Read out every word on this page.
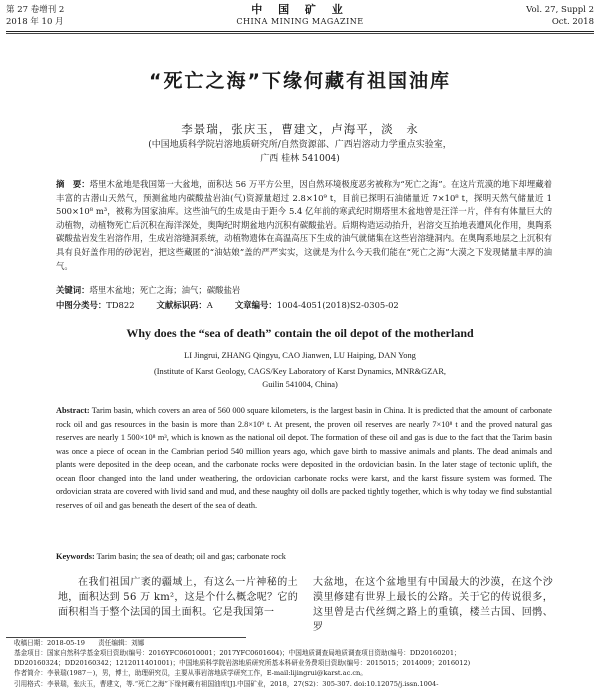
第 27 卷增刊 2
2018 年 10 月
中 国 矿 业
CHINA MINING MAGAZINE
Vol. 27, Suppl 2
Oct. 2018
“死亡之海”下缘何藏有祖国油库
李景瑞，张庆玉，曹建文，卢海平，淡　永
(中国地质科学院岩溶地质研究所/自然资源部、广西岩溶动力学重点实验室，
广西 桂林 541004)
摘　要：塔里木盆地是我国第一大盆地，面积达 56 万平方公里，因自然环境极度恶劣被称为“死亡之海”。在这片荒漠的地下却埋藏着丰富的古潜山天然气，预测盆地内碳酸盐岩油(气)资源量超过 2.8×10⁹ t，目前已探明石油储量近 7×10⁸ t，探明天然气储量近 1 500×10⁸ m³，被称为国家油库。这些油气的生成是由于距今 5.4 亿年前的寒武纪时期塔里木盆地曾是汪洋一片，伴有有体量巨大的动植物，动植物死亡后沉积在海洋深处，奥陶纪时期盆地内沉积有碳酸盐岩。后期构造运动抬升，岩溶交互抬地表遭风化作用，奥陶系碳酸盐岩发生岩溶作用，生成岩溶缝洞系统，动植物遗体在高温高压下生成的油气就储集在这些岩溶缝洞内。在奥陶系地层之上沉积有具有良好盖作用的砂泥岩，把这些藏匿的“油姑娘”盖的严严实实，这就是为什么今天我们能在“死亡之海”大漠之下发现储量丰厚的油气。
关键词：塔里木盆地；死亡之海；油气；碳酸盐岩
中图分类号：TD822	文献标识码：A	文章编号：1004-4051(2018)S2-0305-02
Why does the “sea of death” contain the oil depot of the motherland
LI Jingrui, ZHANG Qingyu, CAO Jianwen, LU Haiping, DAN Yong
(Institute of Karst Geology, CAGS/Key Laboratory of Karst Dynamics, MNR&GZAR,
Guilin 541004, China)
Abstract: Tarim basin, which covers an area of 560 000 square kilometers, is the largest basin in China. It is predicted that the amount of carbonate rock oil and gas resources in the basin is more than 2.8×10⁹ t. At present, the proven oil reserves are nearly 7×10⁸ t and the proved natural gas reserves are nearly 1 500×10⁸ m³, which is known as the national oil depot. The formation of these oil and gas is due to the fact that the Tarim basin was once a piece of ocean in the Cambrian period 540 million years ago, which gave birth to massive animals and plants. The dead animals and plants were deposited in the deep ocean, and the carbonate rocks were deposited in the ordovician basin. In the later stage of tectonic uplift, the ocean floor changed into the land under weathering, the ordovician carbonate rocks were karst, and the karst fissure system was formed. The ordovician strata are covered with livid sand and mud, and these naughty oil dolls are packed tightly together, which is why today we find substantial reserves of oil and gas beneath the desert of the sea of death.
Keywords: Tarim basin; the sea of death; oil and gas; carbonate rock
在我们祖国广袤的疆域上，有这么一片神秘的土地，面积达到 56 万 km²，这是个什么概念呢？它的面积相当于整个法国的国土面积。它是我国第一
大盆地，在这个盆地里有中国最大的沙漠，在这个沙漠里修建有世界上最长的公路。关于它的传说很多，这里曾是古代丝绸之路上的重镇，楼兰古国、回鹘、罗
收稿日期：2018-05-19　　责任编辑：刘娜
基金项目：国家自然科学基金项目资助(编号：2016YFC06010001；2017YFC0601604)；中国地质调查局地质调查项目资助(编号：DD20160201；
DD20160324；DD20160342；1212011401001)；中国地质科学院岩溶地质研究所基本科研业务费项目资助(编号：2015015；2014009；2016012)
作者简介：李景瑞(1987－)，男，博士，助理研究员，主要从事岩溶地质学研究工作，E-mail:lijingrui@karst.ac.cn。
引用格式：李景瑞，张庆玉，曹建文，等.“死亡之海”下缘何藏有祖国油库[J].中国矿业，2018，27(S2)：305-307. doi:10.12075/j.issn.1004-
